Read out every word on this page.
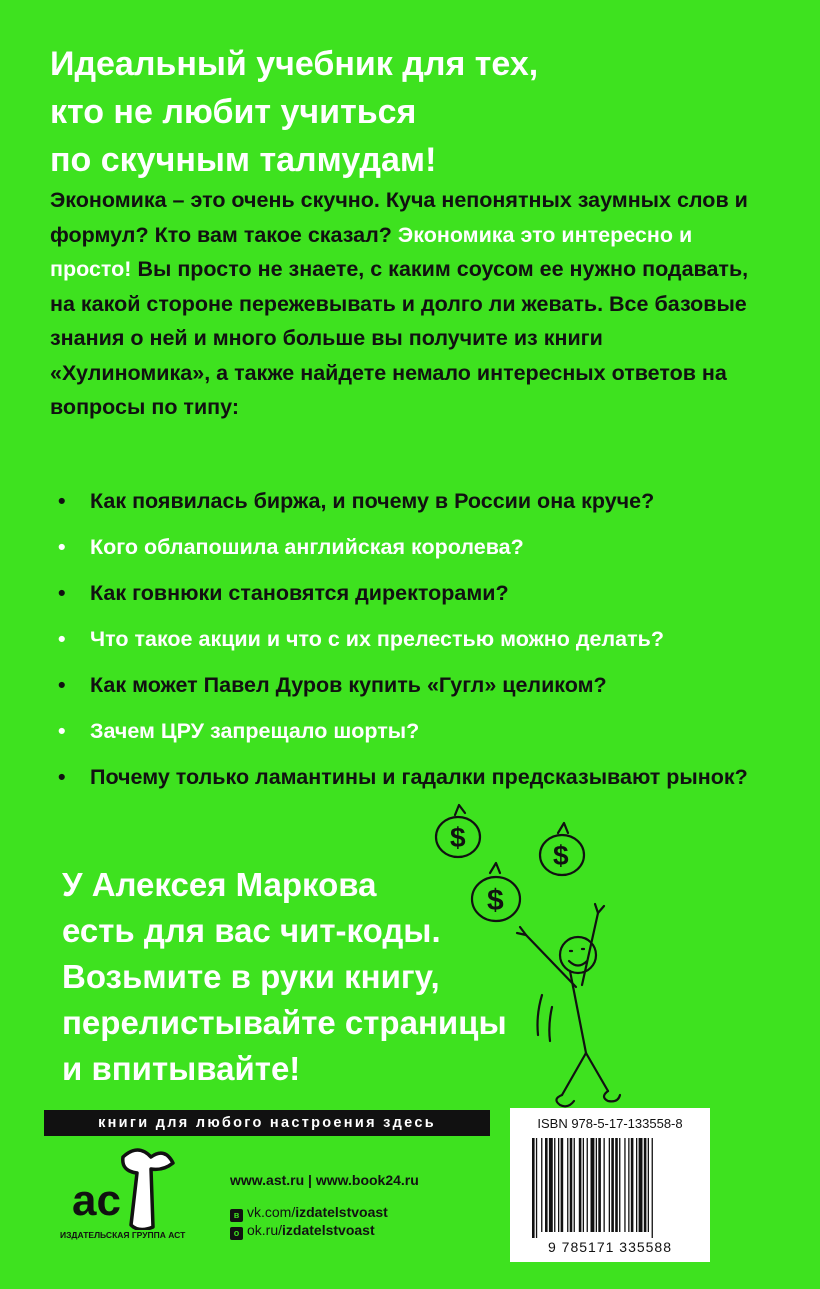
Идеальный учебник для тех,
кто не любит учиться
по скучным талмудам!

Экономика – это очень скучно. Куча непонятных заумных слов и формул? Кто вам такое сказал? Экономика это интересно и просто! Вы просто не знаете, с каким соусом ее нужно подавать, на какой стороне пережевывать и долго ли жевать. Все базовые знания о ней и много больше вы получите из книги «Хулиномика», а также найдете немало интересных ответов на вопросы по типу:

• Как появилась биржа, и почему в России она круче?
• Кого облапошила английская королева?
• Как говнюки становятся директорами?
• Что такое акции и что с их прелестью можно делать?
• Как может Павел Дуров купить «Гугл» целиком?
• Зачем ЦРУ запрещало шорты?
• Почему только ламантины и гадалки предсказывают рынок?
У Алексея Маркова
есть для вас чит-коды.
Возьмите в руки книгу,
перелистывайте страницы
и впитывайте!
$
$
$
книги для любого настроения здесь
ac
ИЗДАТЕЛЬСКАЯ ГРУППА АСТ
www.ast.ru | www.book24.ru
в vk.com/izdatelstvoast
о ok.ru/izdatelstvoast
ISBN 978-5-17-133558-8
9 785171 335588
